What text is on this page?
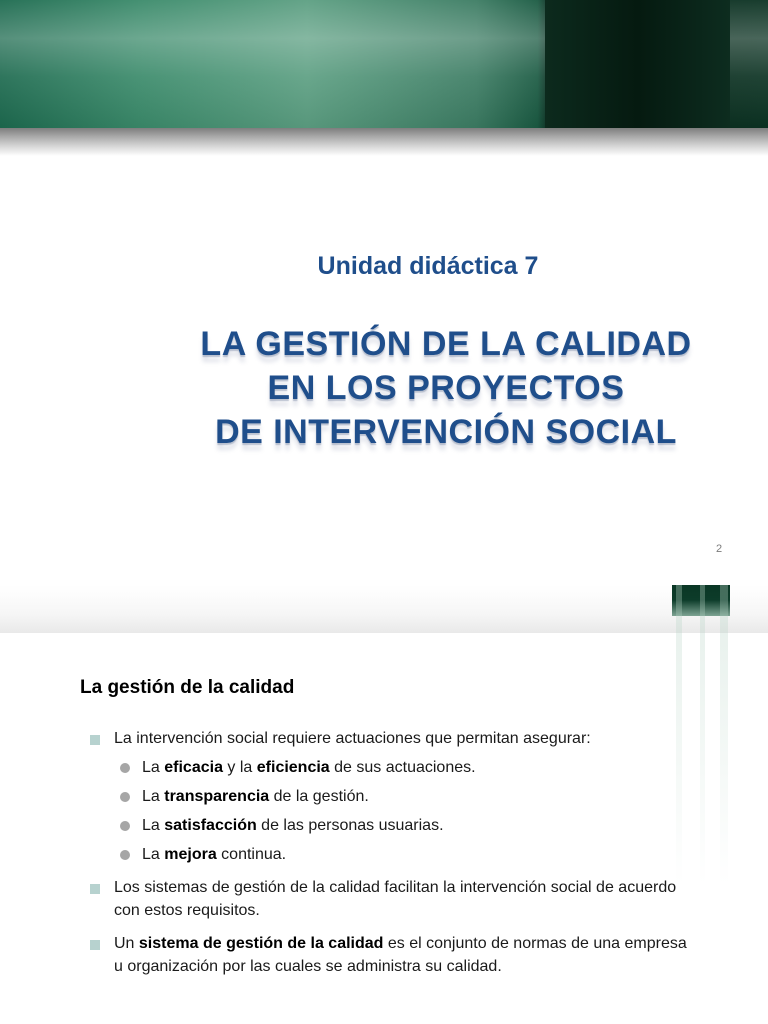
Unidad didáctica 7
LA GESTIÓN DE LA CALIDAD
EN LOS PROYECTOS
DE INTERVENCIÓN SOCIAL
2
La gestión de la calidad
La intervención social requiere actuaciones que permitan asegurar:
La eficacia y la eficiencia de sus actuaciones.
La transparencia de la gestión.
La satisfacción de las personas usuarias.
La mejora continua.
Los sistemas de gestión de la calidad facilitan la intervención social de acuerdo con estos requisitos.
Un sistema de gestión de la calidad es el conjunto de normas de una empresa u organización por las cuales se administra su calidad.
